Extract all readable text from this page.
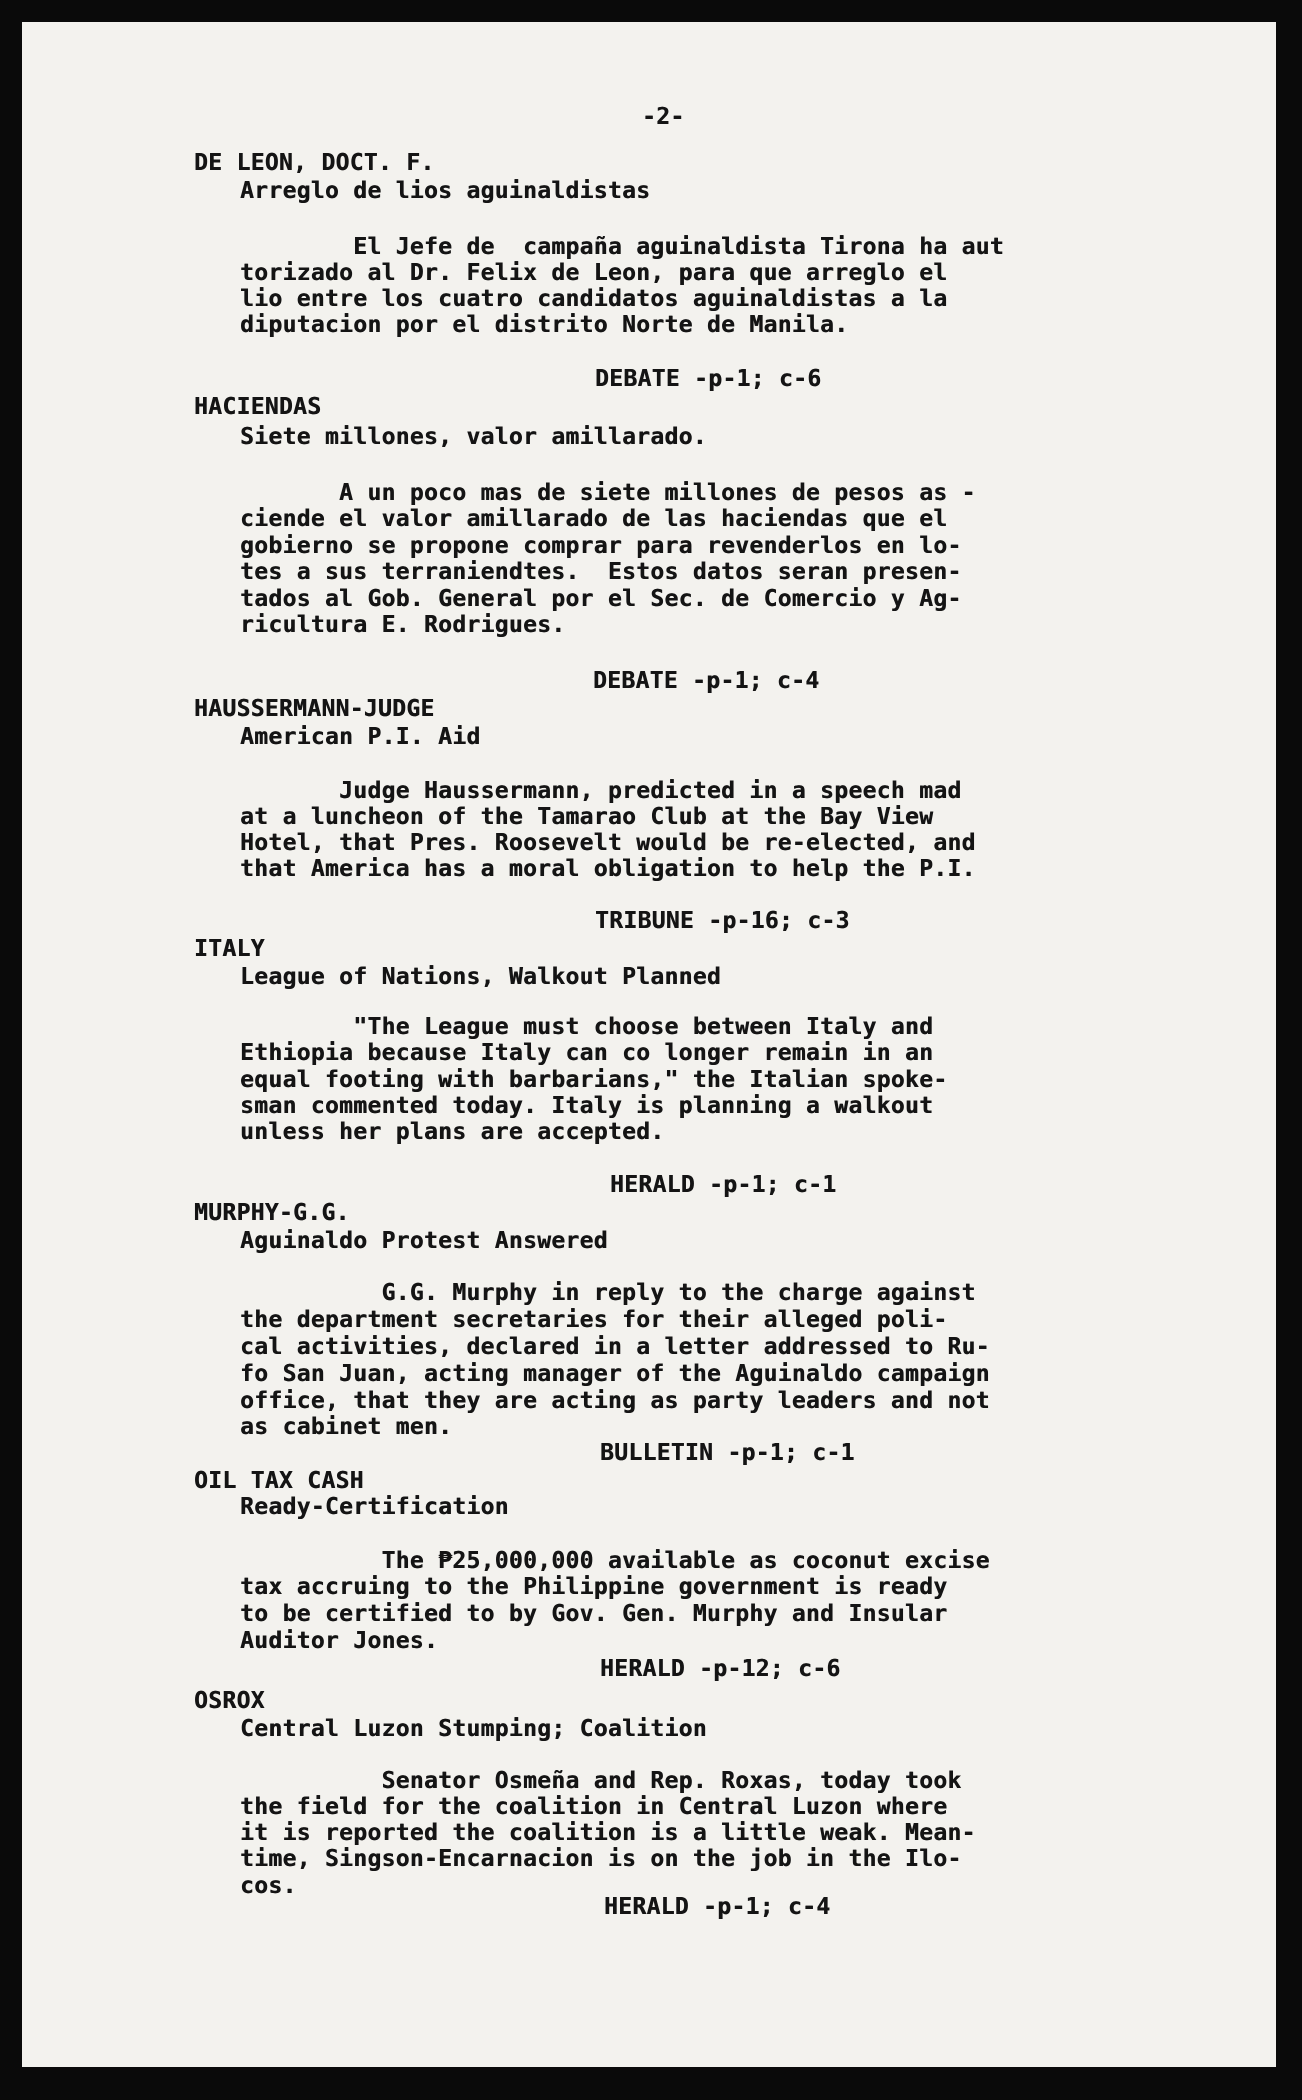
-2-
DE LEON, DOCT. F.
Arreglo de lios aguinaldistas
El Jefe de  campaña aguinaldista Tirona ha aut
torizado al Dr. Felix de Leon, para que arreglo el
lio entre los cuatro candidatos aguinaldistas a la
diputacion por el distrito Norte de Manila.
DEBATE -p-1; c-6
HACIENDAS
Siete millones, valor amillarado.
A un poco mas de siete millones de pesos as -
ciende el valor amillarado de las haciendas que el
gobierno se propone comprar para revenderlos en lo-
tes a sus terraniendtes.  Estos datos seran presen-
tados al Gob. General por el Sec. de Comercio y Ag-
ricultura E. Rodrigues.
DEBATE -p-1; c-4
HAUSSERMANN-JUDGE
American P.I. Aid
Judge Haussermann, predicted in a speech mad
at a luncheon of the Tamarao Club at the Bay View
Hotel, that Pres. Roosevelt would be re-elected, and
that America has a moral obligation to help the P.I.
TRIBUNE -p-16; c-3
ITALY
League of Nations, Walkout Planned
"The League must choose between Italy and
Ethiopia because Italy can co longer remain in an
equal footing with barbarians," the Italian spoke-
sman commented today. Italy is planning a walkout
unless her plans are accepted.
HERALD -p-1; c-1
MURPHY-G.G.
Aguinaldo Protest Answered
G.G. Murphy in reply to the charge against
the department secretaries for their alleged poli-
cal activities, declared in a letter addressed to Ru-
fo San Juan, acting manager of the Aguinaldo campaign
office, that they are acting as party leaders and not
as cabinet men.
BULLETIN -p-1; c-1
OIL TAX CASH
Ready-Certification
The ₱25,000,000 available as coconut excise
tax accruing to the Philippine government is ready
to be certified to by Gov. Gen. Murphy and Insular
Auditor Jones.
HERALD -p-12; c-6
OSROX
Central Luzon Stumping; Coalition
Senator Osmeña and Rep. Roxas, today took
the field for the coalition in Central Luzon where
it is reported the coalition is a little weak. Mean-
time, Singson-Encarnacion is on the job in the Ilo-
cos.
HERALD -p-1; c-4
